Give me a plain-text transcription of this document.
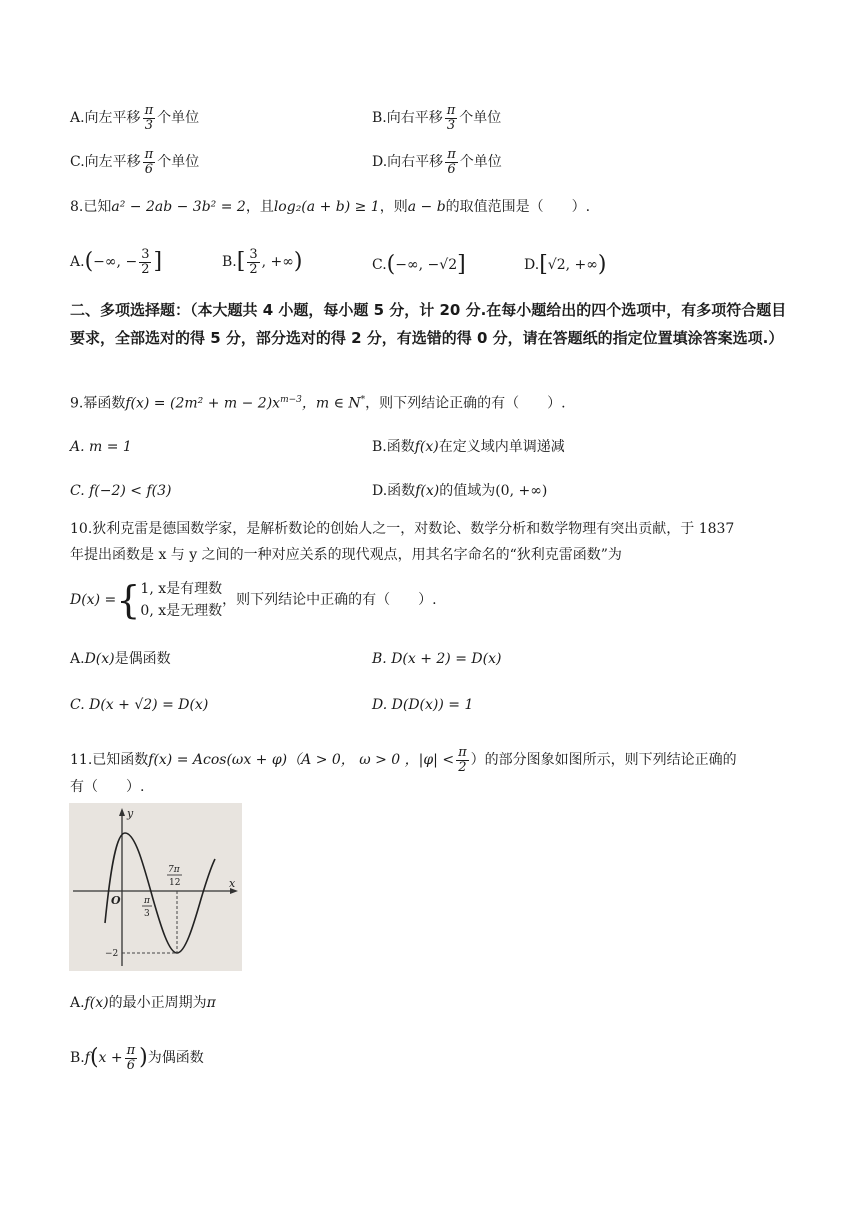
A.向左平移 $\frac{\pi}{3}$ 个单位	B.向右平移 $\frac{\pi}{3}$ 个单位
C.向左平移 $\frac{\pi}{6}$ 个单位	D.向右平移 $\frac{\pi}{6}$ 个单位
8.已知a² − 2ab − 3b² = 2，且log₂(a + b) ≥ 1，则a − b的取值范围是（　　）.
A.(−∞, − $\frac{3}{2}$ ]	$B.[ \frac{3}{2}$ , +∞)	C.(−∞, −√2]	D.[√2, +∞)
二、多项选择题：（本大题共 4 小题，每小题 5 分，计 20 分.在每小题给出的四个选项中，有多项符合题目要求，全部选对的得 5 分，部分选对的得 2 分，有选错的得 0 分，请在答题纸的指定位置填涂答案选项.）
9.幂函数$f(x) = (2m^2 + m - 2)x^{m-3}$，m ∈ N*，则下列结论正确的有（　　）.
A. m = 1	B.函数f(x)在定义域内单调递减
C. f(−2) < f(3)	D.函数f(x)的值域为(0, +∞)
10.狄利克雷是德国数学家，是解析数论的创始人之一，对数论、数学分析和数学物理有突出贡献，于 1837
年提出函数是 x 与 y 之间的一种对应关系的现代观点，用其名字命名的“狄利克雷函数”为
D(x) ={ 1, x是有理数
0, x是无理数
，则下列结论中正确的有（　　）.
A.D(x)是偶函数	B. D(x + 2) = D(x)
C. D(x + √2) = D(x)	D. D(D(x)) = 1
11.已知函数f(x) = Acos(ωx + φ)（A > 0， ω > 0 ，$|\varphi| < \frac{\pi}{2}$ ）的部分图象如图所示，则下列结论正确的
有（　　）.
y
x
O	π
3
7π
12
−2
A.f(x)的最小正周期为π
$B.f(x + \frac{\pi}{6}$ )为偶函数
